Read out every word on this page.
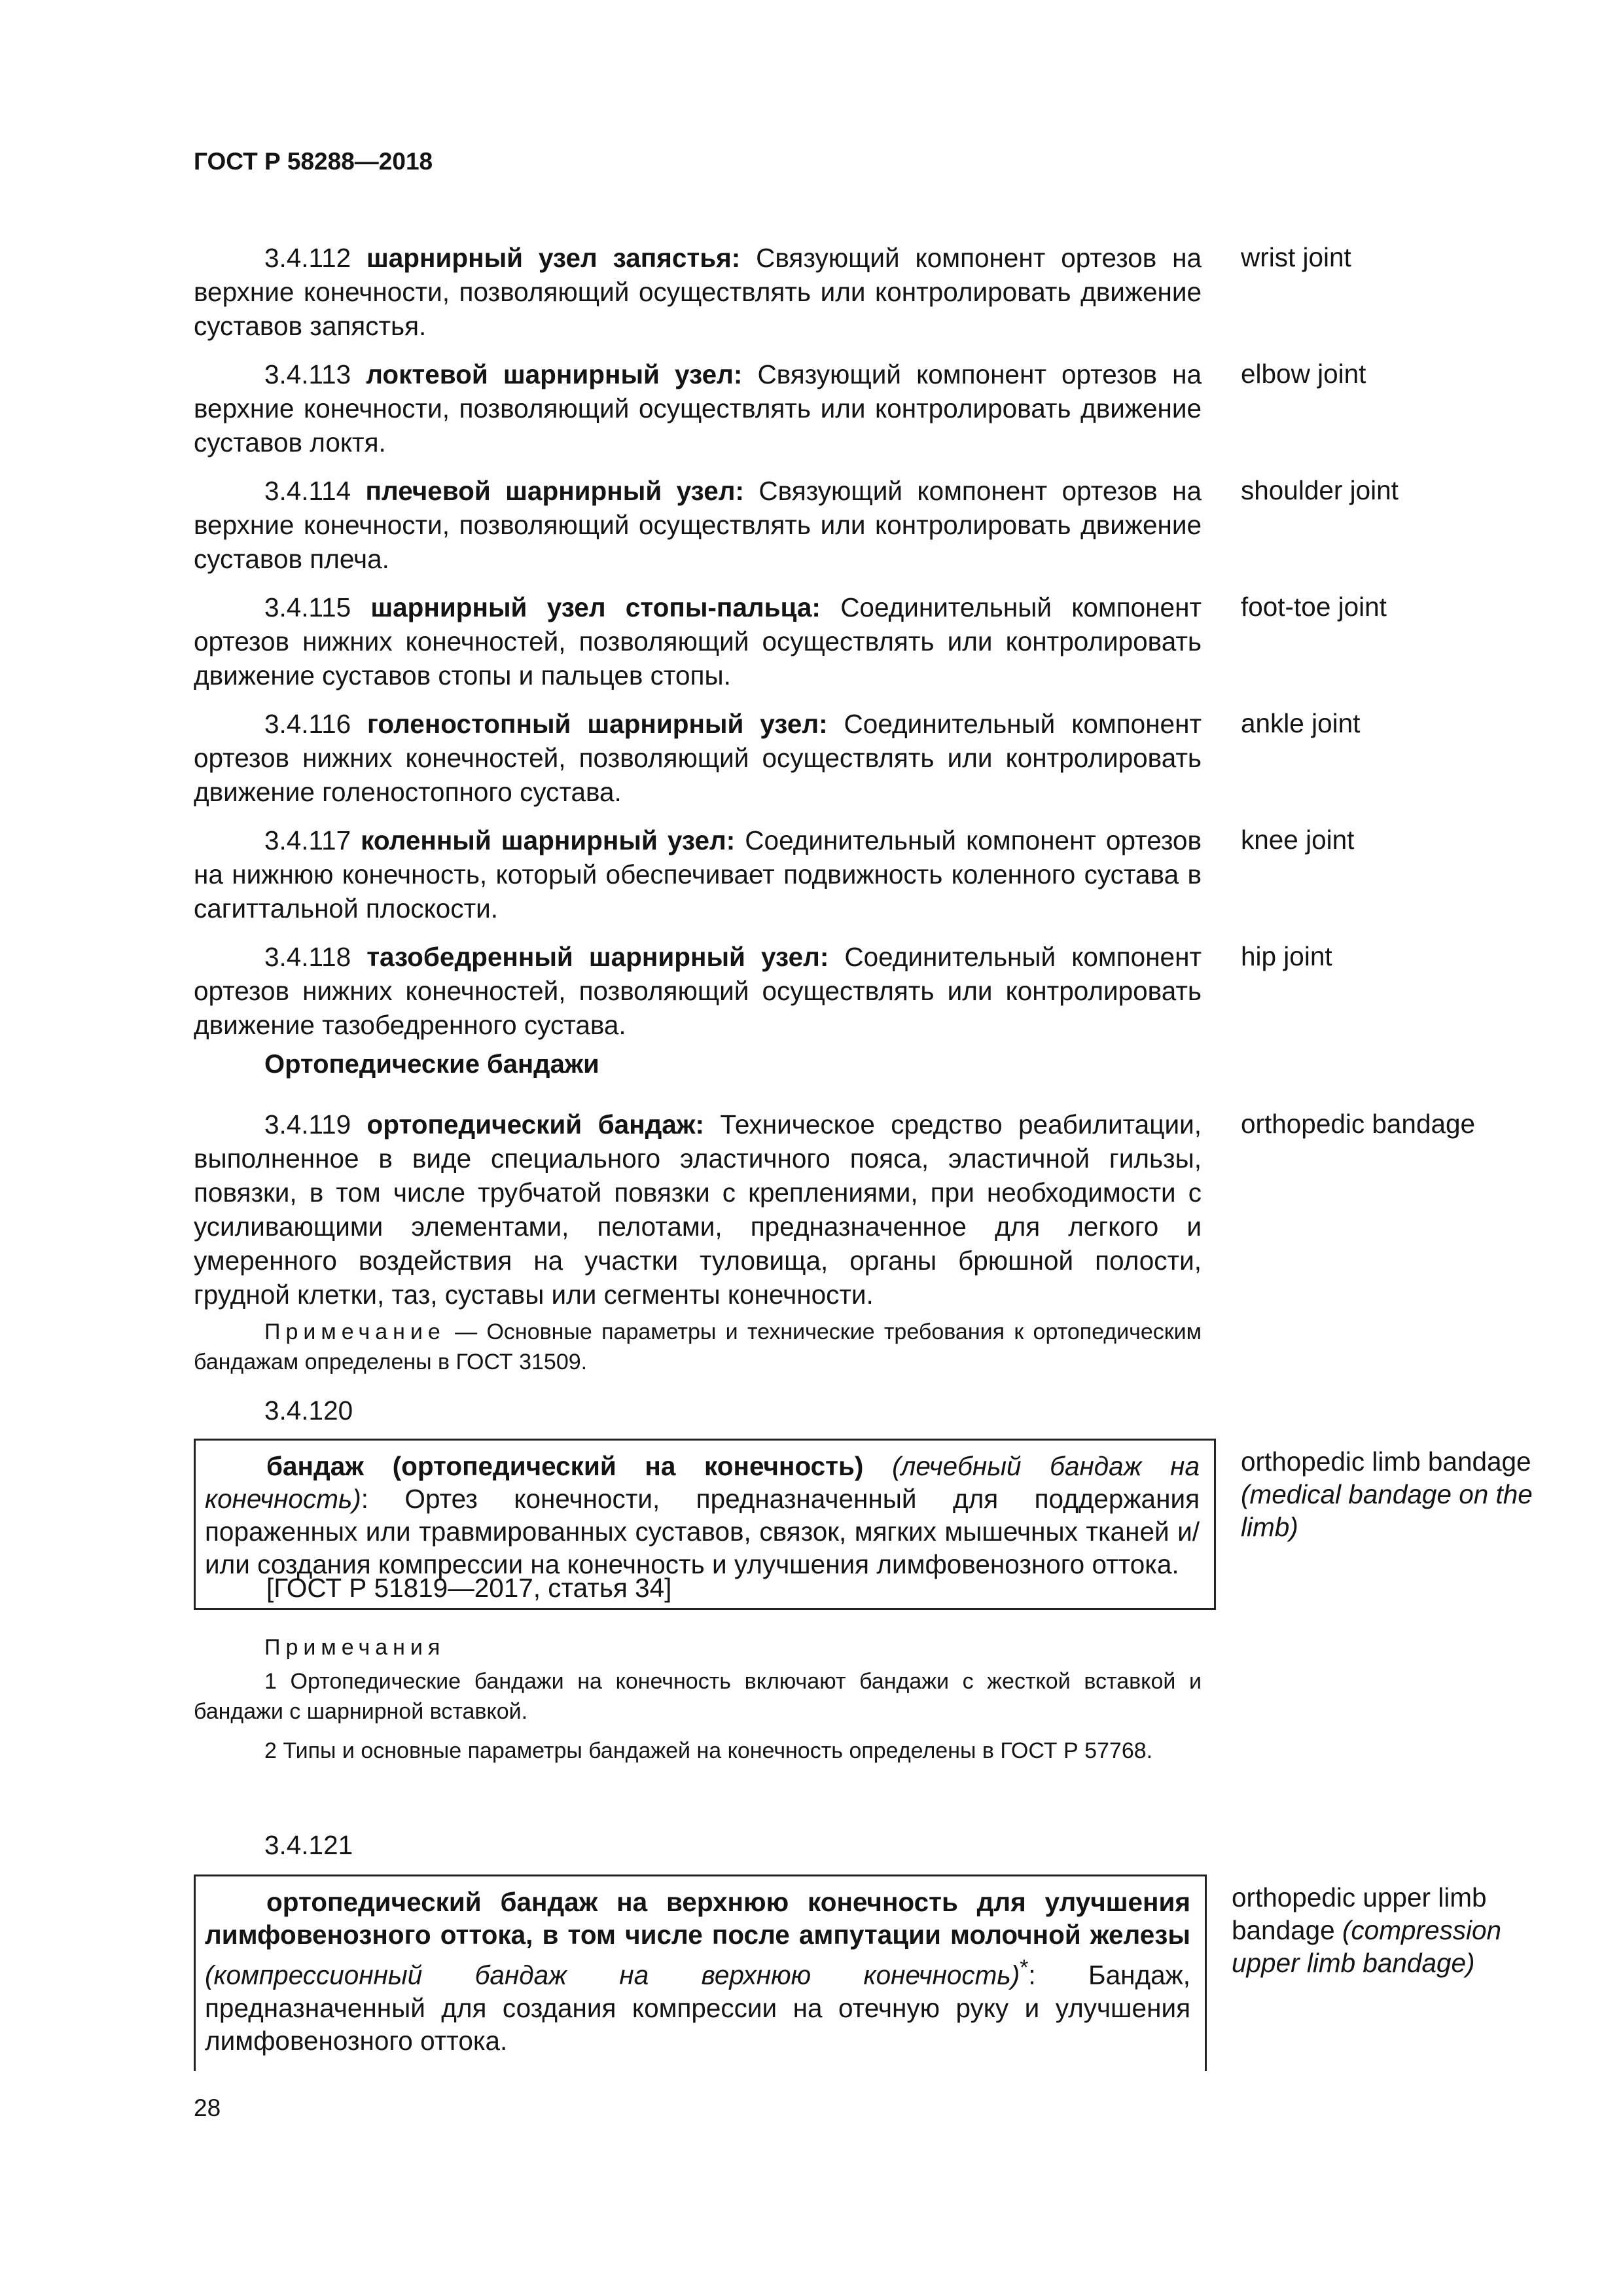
ГОСТ Р 58288—2018

3.4.112 шарнирный узел запястья: Связующий компонент ортезов на верхние конечности, позволяющий осуществлять или контролировать движение суставов запястья.

wrist joint

3.4.113 локтевой шарнирный узел: Связующий компонент ортезов на верхние конечности, позволяющий осуществлять или контролировать движение суставов локтя.

elbow joint

3.4.114 плечевой шарнирный узел: Связующий компонент ортезов на верхние конечности, позволяющий осуществлять или контролировать движение суставов плеча.

shoulder joint

3.4.115 шарнирный узел стопы-пальца: Соединительный компонент ортезов нижних конечностей, позволяющий осуществлять или контролировать движение суставов стопы и пальцев стопы.

foot-toe joint

3.4.116 голеностопный шарнирный узел: Соединительный компонент ортезов нижних конечностей, позволяющий осуществлять или контролировать движение голеностопного сустава.

ankle joint

3.4.117 коленный шарнирный узел: Соединительный компонент ортезов на нижнюю конечность, который обеспечивает подвижность коленного сустава в сагиттальной плоскости.

knee joint

3.4.118 тазобедренный шарнирный узел: Соединительный компонент ортезов нижних конечностей, позволяющий осуществлять или контролировать движение тазобедренного сустава.

hip joint
Ортопедические бандажи

3.4.119 ортопедический бандаж: Техническое средство реабилитации, выполненное в виде специального эластичного пояса, эластичной гильзы, повязки, в том числе трубчатой повязки с креплениями, при необходимости с усиливающими элементами, пелотами, предназначенное для легкого и умеренного воздействия на участки туловища, органы брюшной полости, грудной клетки, таз, суставы или сегменты конечности.

orthopedic bandage

Примечание — Основные параметры и технические требования к ортопедическим бандажам определены в ГОСТ 31509.

3.4.120

бандаж (ортопедический на конечность) (лечебный бандаж на конечность): Ортез конечности, предназначенный для поддержания пораженных или травмированных суставов, связок, мягких мышечных тканей и/или создания компрессии на конечность и улучшения лимфовенозного оттока.

[ГОСТ Р 51819—2017, статья 34]
orthopedic limb bandage (medical bandage on the limb)

Примечания

1 Ортопедические бандажи на конечность включают бандажи с жесткой вставкой и бандажи с шарнирной вставкой.

2 Типы и основные параметры бандажей на конечность определены в ГОСТ Р 57768.

3.4.121

ортопедический бандаж на верхнюю конечность для улучшения лимфовенозного оттока, в том числе после ампутации молочной железы (компрессионный бандаж на верхнюю конечность)*: Бандаж, предназначенный для создания компрессии на отечную руку и улучшения лимфовенозного оттока.

orthopedic upper limb bandage (compression upper limb bandage)
28
